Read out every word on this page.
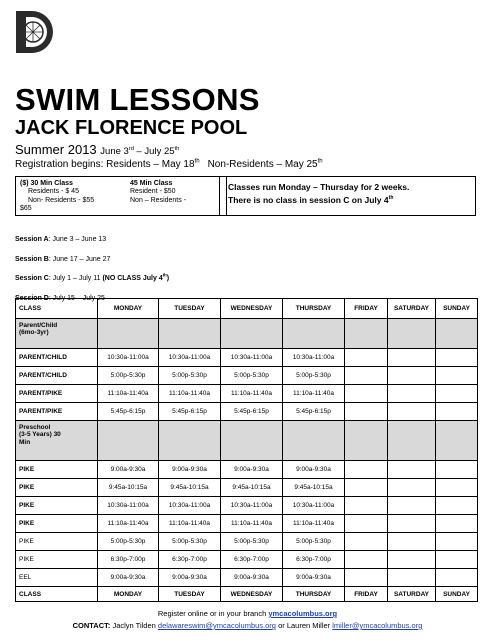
SWIM LESSONS
JACK FLORENCE POOL
Summer 2013 June 3rd – July 25th
Registration begins: Residents – May 18th Non-Residents – May 25th
($) 30 Min Class	45 Min Class
Residents - $ 45	Resident - $50
Non- Residents - $55	Non – Residents -
$65
Classes run Monday – Thursday for 2 weeks.
There is no class in session C on July 4th
Session A: June 3 – June 13
Session B: June 17 – June 27
Session C: July 1 – July 11 (NO CLASS July 4th)
Session D: July 15 – July 25
CLASS	MONDAY	TUESDAY	WEDNESDAY	THURSDAY	FRIDAY	SATURDAY	SUNDAY

Parent/Child
(6mo-3yr)							

PARENT/CHILD	10:30a-11:00a	10:30a-11:00a	10:30a-11:00a	10:30a-11:00a			
PARENT/CHILD	5:00p-5:30p	5:00p-5:30p	5:00p-5:30p	5:00p-5:30p			
PARENT/PIKE	11:10a-11:40a	11:10a-11:40a	11:10a-11:40a	11:10a-11:40a			
PARENT/PIKE	5:45p-6:15p	5:45p-6:15p	5:45p-6:15p	5:45p-6:15p			

Preschool
(3-5 Years) 30
Min							

PIKE	9:00a-9:30a	9:00a-9:30a	9:00a-9:30a	9:00a-9:30a			
PIKE	9:45a-10:15a	9:45a-10:15a	9:45a-10:15a	9:45a-10:15a			
PIKE	10:30a-11:00a	10:30a-11:00a	10:30a-11:00a	10:30a-11:00a			
PIKE	11:10a-11:40a	11:10a-11:40a	11:10a-11:40a	11:10a-11:40a			
PIKE	5:00p-5:30p	5:00p-5:30p	5:00p-5:30p	5:00p-5:30p			
PIKE	6:30p-7:00p	6:30p-7:00p	6:30p-7:00p	6:30p-7:00p			
EEL	9:00a-9:30a	9:00a-9:30a	9:00a-9:30a	9:00a-9:30a			
CLASS	MONDAY	TUESDAY	WEDNESDAY	THURSDAY	FRIDAY	SATURDAY	SUNDAY
Register online or in your branch ymcacolumbus.org
CONTACT: Jaclyn Tilden delawareswim@ymcacolumbus.org or Lauren Miller lmiller@ymcacolumbus.org
